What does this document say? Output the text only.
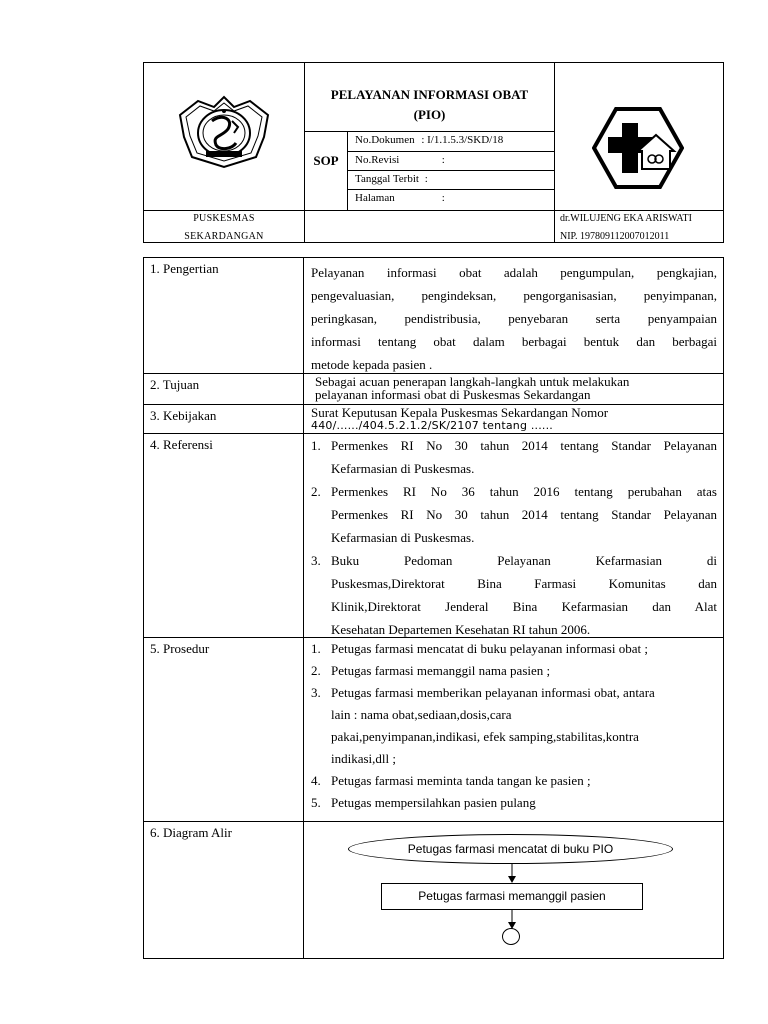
PELAYANAN INFORMASI OBAT
(PIO)
SOP
No.Dokumen : I/1.1.5.3/SKD/18
No.Revisi	:
Tanggal Terbit :
Halaman	:
PUSKESMAS
SEKARDANGAN
dr.WILUJENG EKA ARISWATI
NIP. 197809112007012011
1. Pengertian	Pelayanan informasi obat adalah pengumpulan, pengkajian,
pengevaluasian, pengindeksan, pengorganisasian, penyimpanan,
peringkasan, pendistribusia, penyebaran serta penyampaian
informasi tentang obat dalam berbagai bentuk dan berbagai
metode kepada pasien .
2. Tujuan	Sebagai acuan penerapan langkah-langkah untuk melakukan
pelayanan informasi obat di Puskesmas Sekardangan
3. Kebijakan	Surat Keputusan Kepala Puskesmas Sekardangan Nomor
440/....../404.5.2.1.2/SK/2107 tentang ......
4. Referensi	1. Permenkes RI No 30 tahun 2014 tentang Standar Pelayanan
Kefarmasian di Puskesmas.
2. Permenkes RI No 36 tahun 2016 tentang perubahan atas
Permenkes RI No 30 tahun 2014 tentang Standar Pelayanan
Kefarmasian di Puskesmas.
3. Buku Pedoman Pelayanan Kefarmasian di
Puskesmas,Direktorat Bina Farmasi Komunitas dan
Klinik,Direktorat Jenderal Bina Kefarmasian dan Alat
Kesehatan Departemen Kesehatan RI tahun 2006.
5. Prosedur	1. Petugas farmasi mencatat di buku pelayanan informasi obat ;
2. Petugas farmasi memanggil nama pasien ;
3. Petugas farmasi memberikan pelayanan informasi obat, antara
lain : nama obat,sediaan,dosis,cara
pakai,penyimpanan,indikasi, efek samping,stabilitas,kontra
indikasi,dll ;
4. Petugas farmasi meminta tanda tangan ke pasien ;
5. Petugas mempersilahkan pasien pulang
6. Diagram Alir
Petugas farmasi mencatat di buku PIO
Petugas farmasi memanggil pasien
